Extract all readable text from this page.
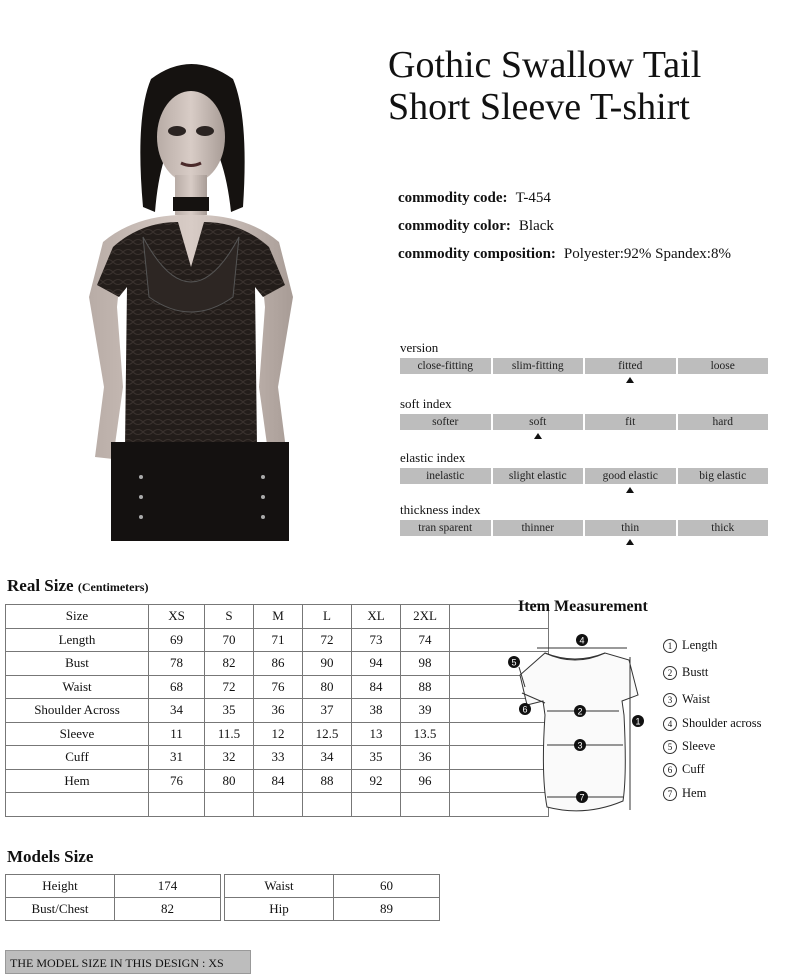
Gothic Swallow Tail
Short Sleeve T-shirt
commodity code: T-454
commodity color: Black
commodity composition: Polyester:92% Spandex:8%
version
close-fitting	slim-fitting	fitted	loose
soft index
softer	soft	fit	hard
elastic index
inelastic	slight elastic	good elastic	big elastic
thickness index
tran sparent	thinner	thin	thick
Real Size (Centimeters)
Size	XS	S	M	L	XL	2XL	
Length	69	70	71	72	73	74	
Bust	78	82	86	90	94	98	
Waist	68	72	76	80	84	88	
Shoulder Across	34	35	36	37	38	39	
Sleeve	11	11.5	12	12.5	13	13.5	
Cuff	31	32	33	34	35	36	
Hem	76	80	84	88	92	96	

Item Measurement
4
5
6	2
3
7
1
1 Length
2 Bustt
3 Waist
4 Shoulder across
5 Sleeve
6 Cuff
7 Hem
Models Size
Height	174
Bust/Chest	82
Waist	60
Hip	89
THE MODEL SIZE IN THIS DESIGN : XS
